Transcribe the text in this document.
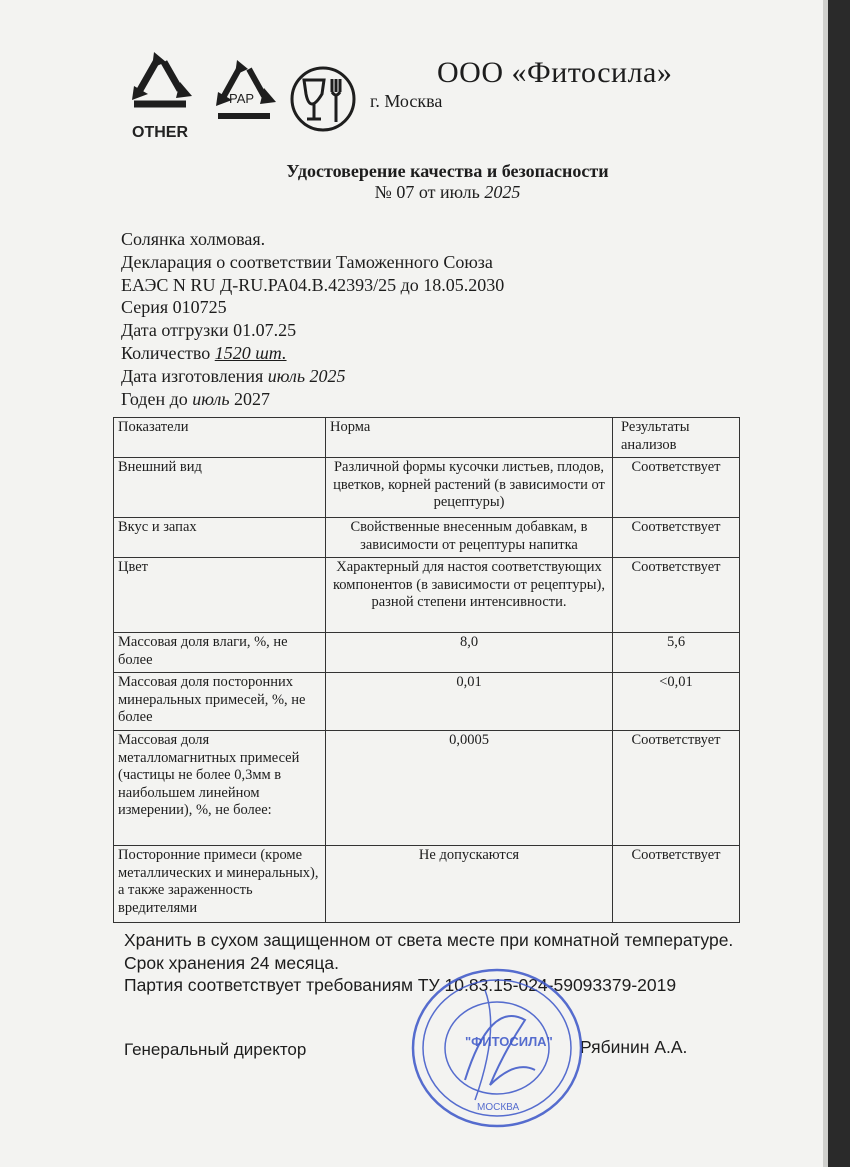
OTHER
PAP
ООО «Фитосила»
г. Москва
Удостоверение качества и безопасности
№ 07 от июль 2025
Солянка холмовая.
Декларация о соответствии Таможенного Союза
ЕАЭС N RU Д-RU.PA04.B.42393/25 до 18.05.2030
Серия 010725
Дата отгрузки 01.07.25
Количество 1520 шт.
Дата изготовления июль 2025
Годен до июль 2027
Показатели	Норма	Результаты анализов
Внешний вид	Различной формы кусочки листьев, плодов, цветков, корней растений (в зависимости от рецептуры)	Соответствует
Вкус и запах	Свойственные внесенным добавкам, в зависимости от рецептуры напитка	Соответствует
Цвет	Характерный для настоя соответствующих компонентов (в зависимости от рецептуры), разной степени интенсивности.	Соответствует
Массовая доля влаги, %, не более	8,0	5,6
Массовая доля посторонних минеральных примесей, %, не более	0,01	<0,01
Массовая доля металломагнитных примесей (частицы не более 0,3мм в наибольшем линейном измерении), %, не более:	0,0005	Соответствует
Посторонние примеси (кроме металлических и минеральных), а также зараженность вредителями	Не допускаются	Соответствует
Хранить в сухом защищенном от света месте при комнатной температуре.
Срок хранения 24 месяца.
Партия соответствует требованиям ТУ 10.83.15-024-59093379-2019
Генеральный директор	Рябинин А.А.
"ФИТОСИЛА"
МОСКВА
